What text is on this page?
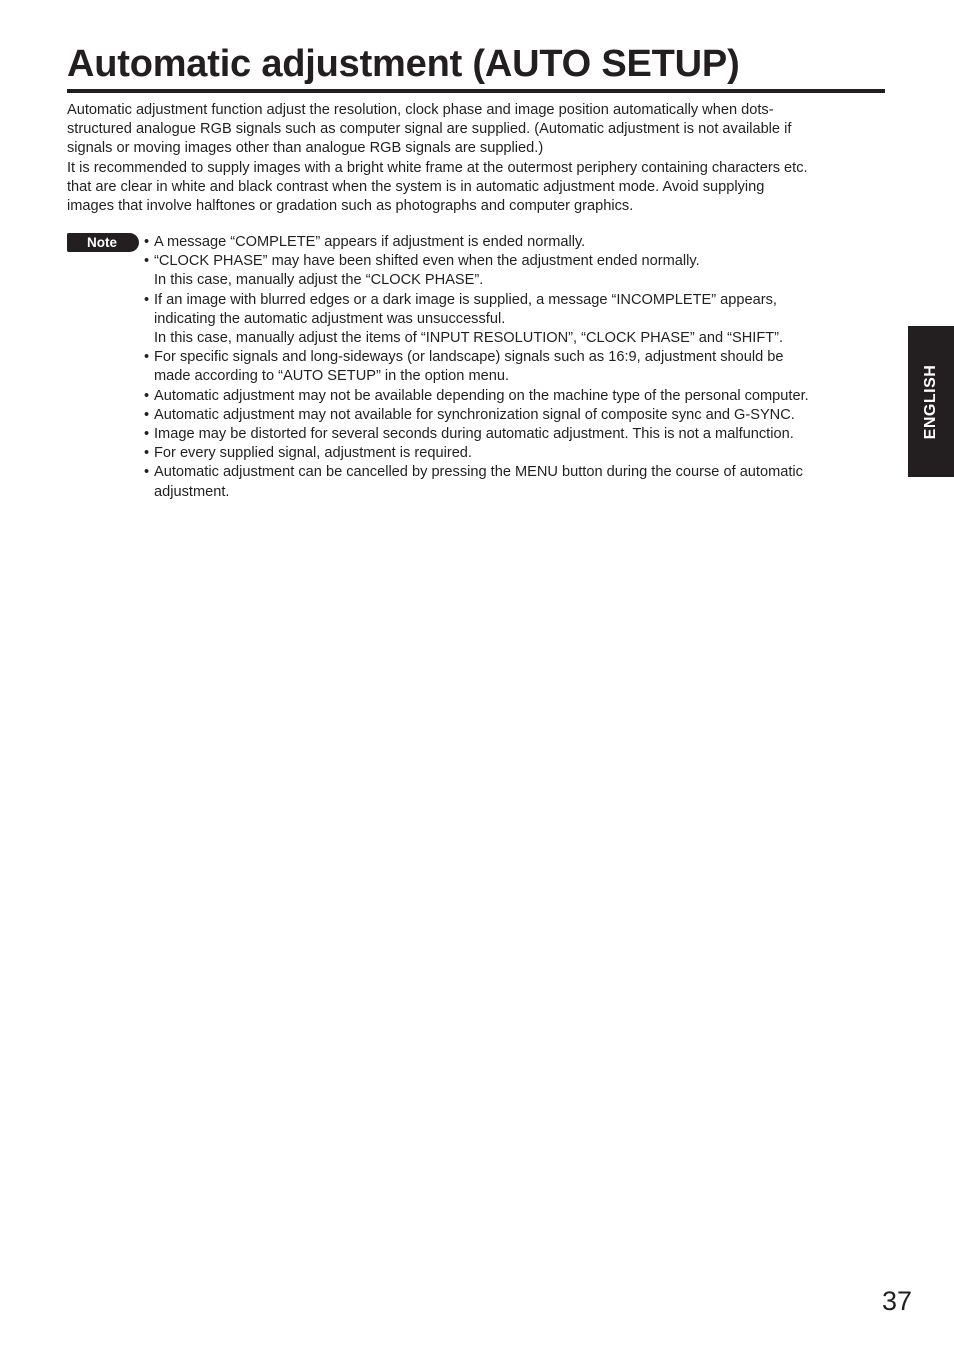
Automatic adjustment (AUTO SETUP)

Automatic adjustment function adjust the resolution, clock phase and image position automatically when dots-
structured analogue RGB signals such as computer signal are supplied. (Automatic adjustment is not available if
signals or moving images other than analogue RGB signals are supplied.)

It is recommended to supply images with a bright white frame at the outermost periphery containing characters etc.
that are clear in white and black contrast when the system is in automatic adjustment mode. Avoid supplying
images that involve halftones or gradation such as photographs and computer graphics.

Note
•	A message “COMPLETE” appears if adjustment is ended normally.
• “CLOCK PHASE” may have been shifted even when the adjustment ended normally.
In this case, manually adjust the “CLOCK PHASE”.
• If an image with blurred edges or a dark image is supplied, a message “INCOMPLETE” appears,
indicating the automatic adjustment was unsuccessful.
In this case, manually adjust the items of “INPUT RESOLUTION”, “CLOCK PHASE” and “SHIFT”.
• For specific signals and long-sideways (or landscape) signals such as 16:9, adjustment should be
made according to “AUTO SETUP” in the option menu.
• Automatic adjustment may not be available depending on the machine type of the personal computer.
• Automatic adjustment may not available for synchronization signal of composite sync and G-SYNC.
• Image may be distorted for several seconds during automatic adjustment. This is not a malfunction.
• For every supplied signal, adjustment is required.
• Automatic adjustment can be cancelled by pressing the MENU button during the course of automatic
adjustment.
ENGLISH
37
